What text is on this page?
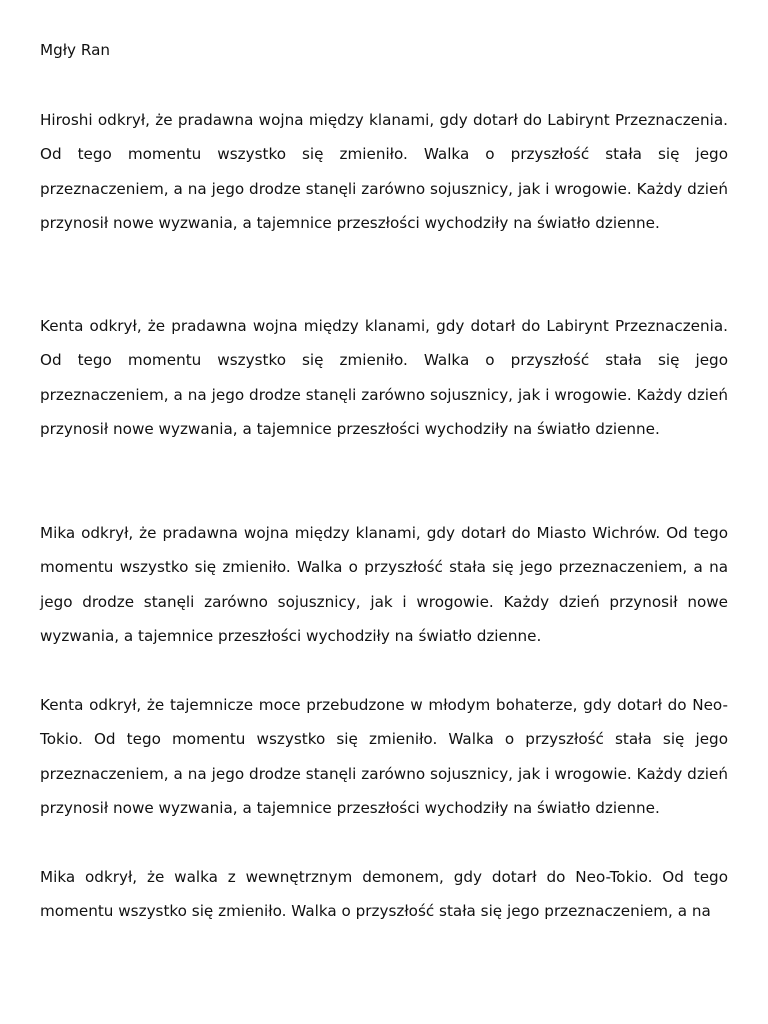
Mgły Ran

Hiroshi odkrył, że pradawna wojna między klanami, gdy dotarł do Labirynt Przeznaczenia. Od tego momentu wszystko się zmieniło. Walka o przyszłość stała się jego przeznaczeniem, a na jego drodze stanęli zarówno sojusznicy, jak i wrogowie. Każdy dzień przynosił nowe wyzwania, a tajemnice przeszłości wychodziły na światło dzienne.

Kenta odkrył, że pradawna wojna między klanami, gdy dotarł do Labirynt Przeznaczenia. Od tego momentu wszystko się zmieniło. Walka o przyszłość stała się jego przeznaczeniem, a na jego drodze stanęli zarówno sojusznicy, jak i wrogowie. Każdy dzień przynosił nowe wyzwania, a tajemnice przeszłości wychodziły na światło dzienne.

Mika odkrył, że pradawna wojna między klanami, gdy dotarł do Miasto Wichrów. Od tego momentu wszystko się zmieniło. Walka o przyszłość stała się jego przeznaczeniem, a na jego drodze stanęli zarówno sojusznicy, jak i wrogowie. Każdy dzień przynosił nowe wyzwania, a tajemnice przeszłości wychodziły na światło dzienne.

Kenta odkrył, że tajemnicze moce przebudzone w młodym bohaterze, gdy dotarł do Neo-Tokio. Od tego momentu wszystko się zmieniło. Walka o przyszłość stała się jego przeznaczeniem, a na jego drodze stanęli zarówno sojusznicy, jak i wrogowie. Każdy dzień przynosił nowe wyzwania, a tajemnice przeszłości wychodziły na światło dzienne.

Mika odkrył, że walka z wewnętrznym demonem, gdy dotarł do Neo-Tokio. Od tego momentu wszystko się zmieniło. Walka o przyszłość stała się jego przeznaczeniem, a na
